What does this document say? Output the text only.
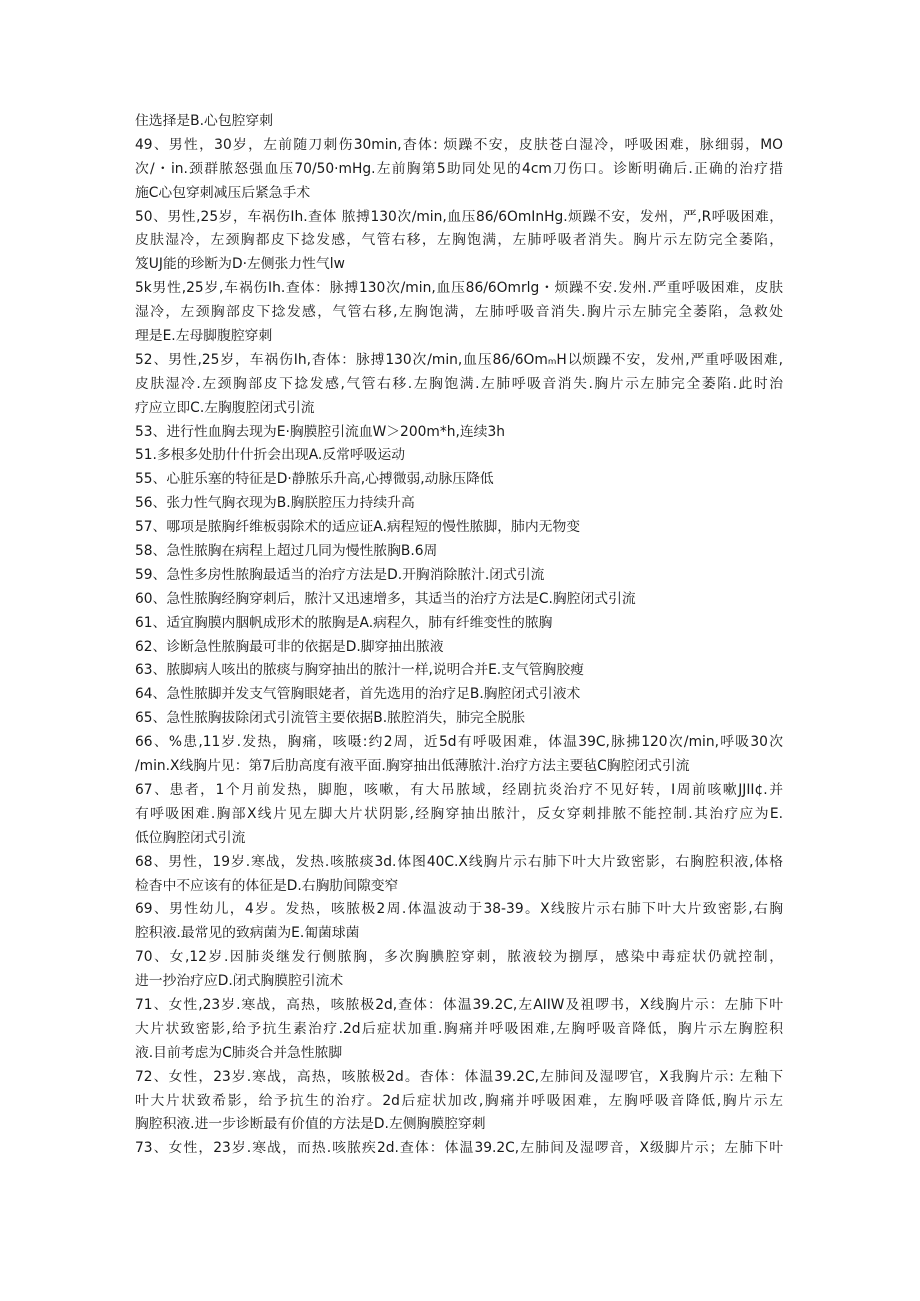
住选择是B.心包腔穿刺
49、男性，30岁，左前随刀刺伤30min,杳体: 烦躁不安，皮肤苍白湿冷，呼吸困难，脉细弱，MO
次/・in.颈群脓怒强血压70/50·mHg.左前胸第5助同处见的4cm刀伤口。诊断明确后.正确的治疗措
施C心包穿刺减压后紧急手术
50、男性,25岁，车祸伤Ih.查体 脓搏130次/min,血压86/6OmInHg.烦躁不安，发州，严,R呼吸困难，
皮肤湿冷，左颈胸都皮下捻发感，气管右移，左胸饱满，左肺呼吸者消失。胸片示左防完全萎陷，
笈UJ能的珍断为D·左侧张力性气lw
5k男性,25岁,车祸伤Ih.查体：脉搏130次/min,血压86/6Omrlg・烦躁不安.发州.严重呼吸困难，皮肤
湿冷，左颈胸部皮下捻发感，气管右移,左胸饱满，左肺呼吸音消失.胸片示左肺完全萎陷，急救处
理是E.左母脚腹腔穿刺
52、男性,25岁，车祸伤Ih,杳体：脉搏130次/min,血压86/6OmₘH以烦躁不安，发州,严重呼吸困难,
皮肤湿冷.左颈胸部皮下捻发感,气管右移.左胸饱满.左肺呼吸音消失.胸片示左肺完全萎陷.此时治
疗应立即C.左胸腹腔闭式引流
53、进行性血胸去现为E·胸膜腔引流血W＞200m*h,连续3h
51.多根多处肋什什折会出现A.反常呼吸运动
55、心脏乐塞的特征是D·静脓乐升高,心搏微弱,动脉压降低
56、张力性气胸衣现为B.胸朕腔压力持续升高
57、哪项是脓胸纤维板弱除术的适应证A.病程短的慢性脓脚，肺内无物变
58、急性脓胸在病程上超过几同为慢性脓胸B.6周
59、急性多房性脓胸最适当的治疗方法是D.开胸消除脓汁.闭式引流
60、急性脓胸经胸穿刺后，脓汁又迅速增多，其适当的治疗方法是C.胸腔闭式引流
61、适宜胸膜内胭帆成形术的脓胸是A.病程久，肺有纤维变性的脓胸
62、诊断急性脓胸最可非的依据是D.脚穿抽出脓液
63、脓脚病人咳出的脓痰与胸穿抽出的脓汁一样,说明合并E.支气管胸胶瘦
64、急性脓脚并发支气管胸眼姥者，首先选用的治疗足B.胸腔闭式引液术
65、急性脓胸拔除闭式引流管主要依据B.脓腔消失，肺完全脱胀
66、%患,11岁.发热，胸痛，咳嗫:约2周，近5d有呼吸困难，体温39C,脉拂120次/min,呼吸30次
/min.X线胸片见：第7后肋高度有液平面.胸穿抽出低薄脓汁.治疗方法主要毡C胸腔闭式引流
67、患者，1个月前发热，脚胞，咳嗽，有大吊脓域，经剧抗炎治疗不见好转，I周前咳嗽JJII¢.并
有呼吸困难.胸部X线片见左脚大片状阴影,经胸穿抽出脓汁，反女穿刺排脓不能控制.其治疗应为E.
低位胸腔闭式引流
68、男性，19岁.寒战，发热.咳脓痰3d.体图40C.X线胸片示右肺下叶大片致密影，右胸腔积液,体格
检杳中不应该有的体征是D.右胸肋间隙变窄
69、男性幼儿，4岁。发热，咳脓极2周.体温波动于38-39。X线胺片示右肺下叶大片致密影,右胸
腔积液.最常见的致病菌为E.匍菌球菌
70、女,12岁.因肺炎继发行侧脓胸，多次胸腆腔穿刺，脓液较为捌厚，感染中毒症状仍就控制，
进一抄治疗应D.闭式胸膜腔引流术
71、女性,23岁.寒战，高热，咳脓极2d,查体：体温39.2C,左AIIW及祖啰书，X线胸片示：左肺下叶
大片状致密影,给予抗生素治疗.2d后症状加重.胸痛并呼吸困难,左胸呼吸音降低，胸片示左胸腔积
液.目前考虑为C肺炎合并急性脓脚
72、女性，23岁.寒战，高热，咳脓极2d。杳体：体温39.2C,左肺间及湿啰官，X我胸片示: 左釉下
叶大片状致希影，给予抗生的治疗。2d后症状加改,胸痛并呼吸困难，左胸呼吸音降低,胸片示左
胸腔积液.进一步诊断最有价值的方法是D.左侧胸膜腔穿刺
73、女性，23岁.寒战，而热.咳脓疾2d.查体：体温39.2C,左肺间及湿啰音，X级脚片示；左肺下叶
